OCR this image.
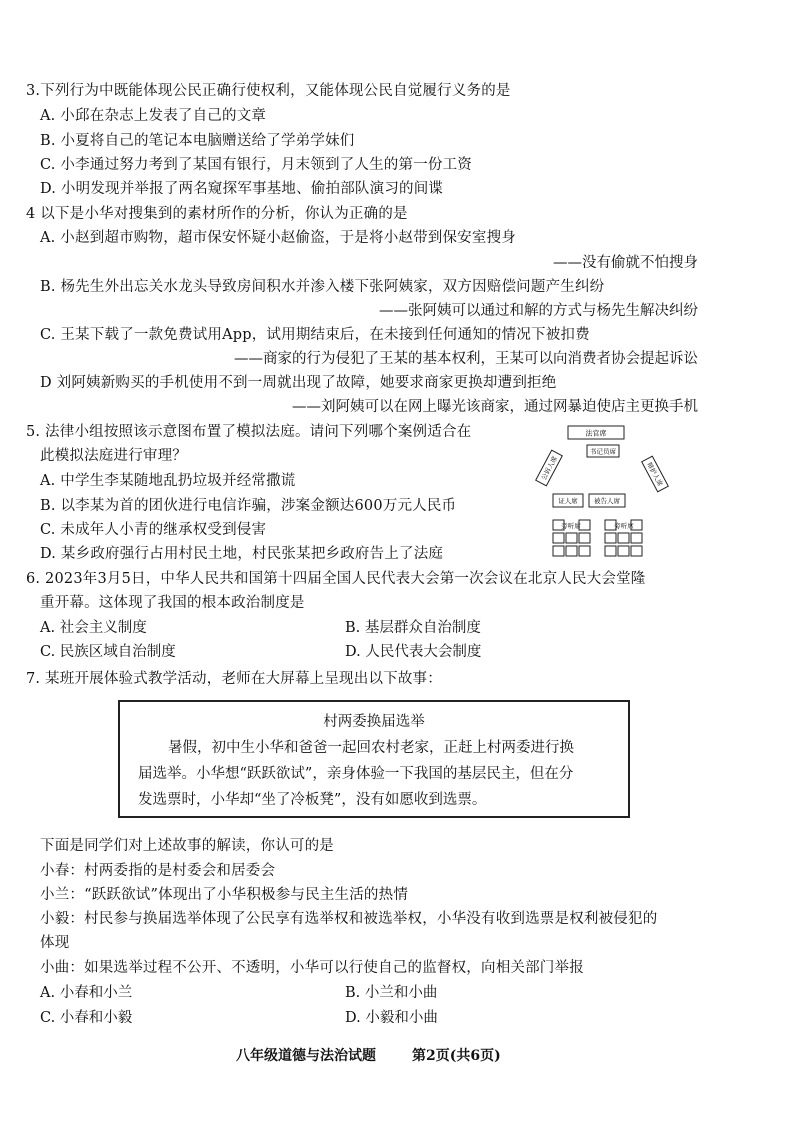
3.下列行为中既能体现公民正确行使权利，又能体现公民自觉履行义务的是
A. 小邱在杂志上发表了自己的文章
B. 小夏将自己的笔记本电脑赠送给了学弟学妹们
C. 小李通过努力考到了某国有银行，月末领到了人生的第一份工资
D. 小明发现并举报了两名窥探军事基地、偷拍部队演习的间谍
4 以下是小华对搜集到的素材所作的分析，你认为正确的是
A. 小赵到超市购物，超市保安怀疑小赵偷盗，于是将小赵带到保安室搜身
——没有偷就不怕搜身
B. 杨先生外出忘关水龙头导致房间积水并渗入楼下张阿姨家，双方因赔偿问题产生纠纷
——张阿姨可以通过和解的方式与杨先生解决纠纷
C. 王某下载了一款免费试用App，试用期结束后，在未接到任何通知的情况下被扣费
——商家的行为侵犯了王某的基本权利，王某可以向消费者协会提起诉讼
D 刘阿姨新购买的手机使用不到一周就出现了故障，她要求商家更换却遭到拒绝
——刘阿姨可以在网上曝光该商家，通过网暴迫使店主更换手机
5. 法律小组按照该示意图布置了模拟法庭。请问下列哪个案例适合在
此模拟法庭进行审理？
A. 中学生李某随地乱扔垃圾并经常撒谎
B. 以李某为首的团伙进行电信诈骗，涉案金额达600万元人民币
C. 未成年人小青的继承权受到侵害
D. 某乡政府强行占用村民土地，村民张某把乡政府告上了法庭
法官席
书记员席
公诉人席	辩护人席
证人席	被告人席
旁听席	旁听席
6. 2023年3月5日，中华人民共和国第十四届全国人民代表大会第一次会议在北京人民大会堂隆
重开幕。这体现了我国的根本政治制度是
A. 社会主义制度	B. 基层群众自治制度
C. 民族区域自治制度	D. 人民代表大会制度
7. 某班开展体验式教学活动，老师在大屏幕上呈现出以下故事：
村两委换届选举
暑假，初中生小华和爸爸一起回农村老家，正赶上村两委进行换
届选举。小华想“跃跃欲试”，亲身体验一下我国的基层民主，但在分
发选票时，小华却“坐了冷板凳”，没有如愿收到选票。
下面是同学们对上述故事的解读，你认可的是
小春：村两委指的是村委会和居委会
小兰：“跃跃欲试”体现出了小华积极参与民主生活的热情
小毅：村民参与换届选举体现了公民享有选举权和被选举权，小华没有收到选票是权利被侵犯的
体现
小曲：如果选举过程不公开、不透明，小华可以行使自己的监督权，向相关部门举报
A. 小春和小兰	B. 小兰和小曲
C. 小春和小毅	D. 小毅和小曲
八年级道德与法治试题	第2页(共6页)
